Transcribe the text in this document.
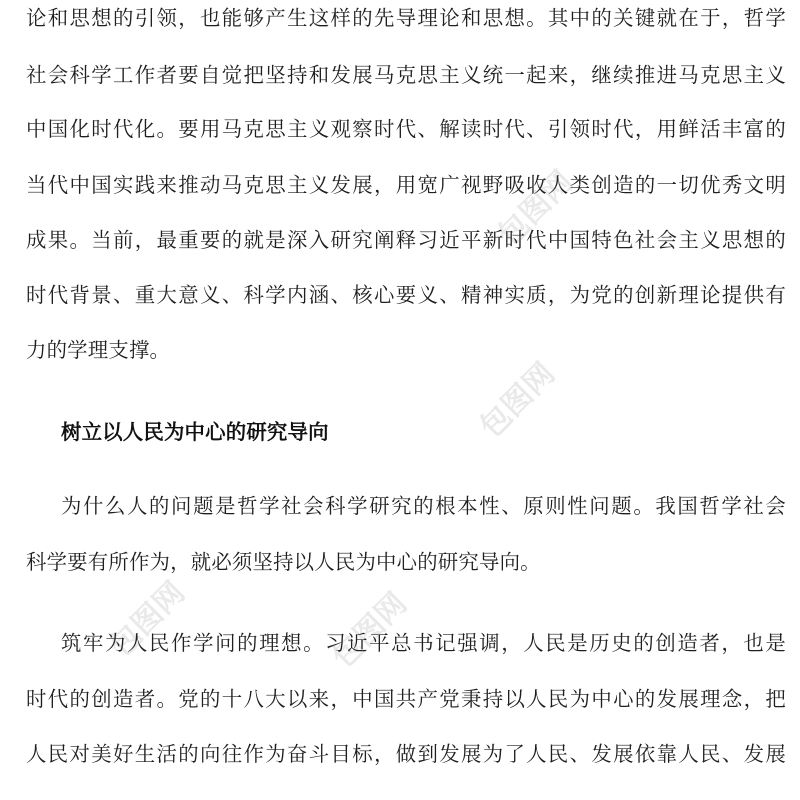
论和思想的引领，也能够产生这样的先导理论和思想。其中的关键就在于，哲学
社会科学工作者要自觉把坚持和发展马克思主义统一起来，继续推进马克思主义
中国化时代化。要用马克思主义观察时代、解读时代、引领时代，用鲜活丰富的
当代中国实践来推动马克思主义发展，用宽广视野吸收人类创造的一切优秀文明
成果。当前，最重要的就是深入研究阐释习近平新时代中国特色社会主义思想的
时代背景、重大意义、科学内涵、核心要义、精神实质，为党的创新理论提供有
力的学理支撑。
树立以人民为中心的研究导向
为什么人的问题是哲学社会科学研究的根本性、原则性问题。我国哲学社会
科学要有所作为，就必须坚持以人民为中心的研究导向。
筑牢为人民作学问的理想。习近平总书记强调，人民是历史的创造者，也是
时代的创造者。党的十八大以来，中国共产党秉持以人民为中心的发展理念，把
人民对美好生活的向往作为奋斗目标，做到发展为了人民、发展依靠人民、发展
包图网
包图网
包图网	包图网
